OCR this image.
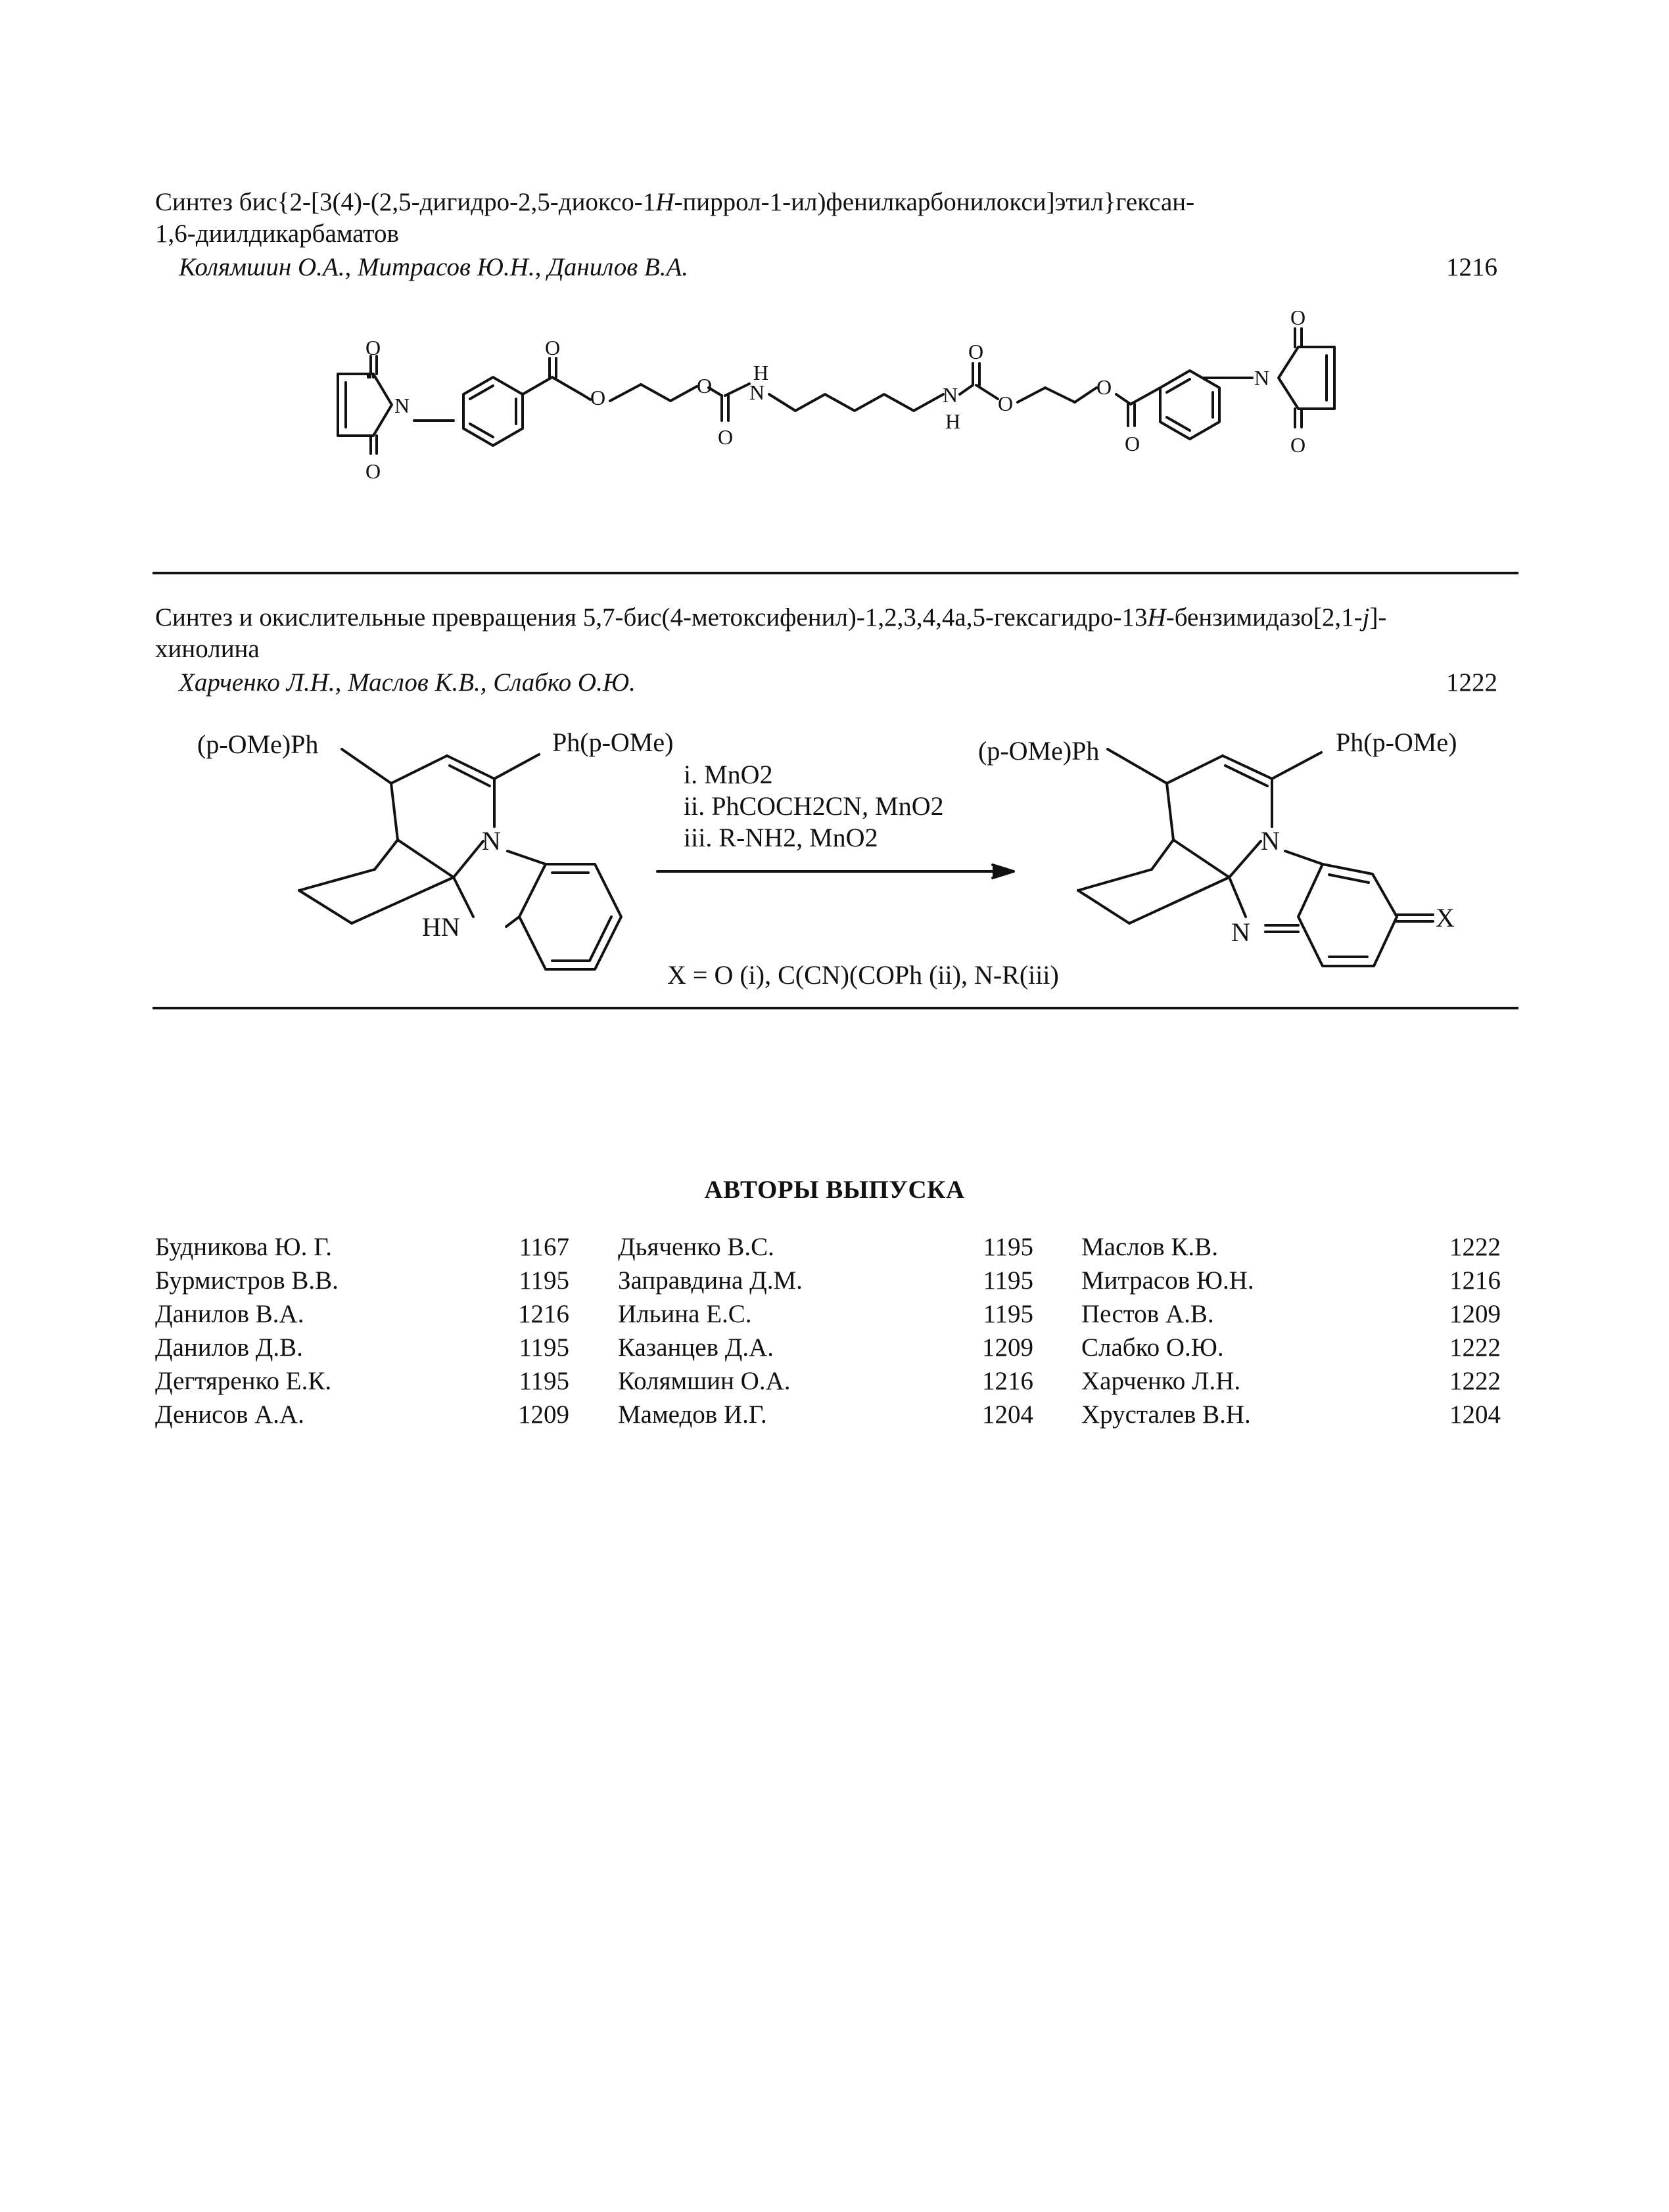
Синтез бис{2-[3(4)-(2,5-дигидро-2,5-диоксо-1H-пиррол-1-ил)фенилкарбонилокси]этил}гексан-
1,6-диилдикарбаматов
Колямшин О.А., Митрасов Ю.Н., Данилов В.А.	1216
O
O
N
O
O	O
O
N
H
N
H
O
O
O
O
N
O
O
Синтез и окислительные превращения 5,7-бис(4-метоксифенил)-1,2,3,4,4а,5-гексагидро-13H-бензимидазо[2,1-j]-
хинолина
Харченко Л.Н., Маслов К.В., Слабко О.Ю.	1222
(p-OMe)Ph	Ph(p-OMe)
N
HN
i. MnO2
ii. PhCOCH2CN, MnO2
iii. R-NH2, MnO2
X = O (i), C(CN)(COPh (ii), N-R(iii)
(p-OMe)Ph	Ph(p-OMe)
N
N	X
АВТОРЫ ВЫПУСКА
Будникова Ю. Г.	1167
Бурмистров В.В.	1195
Данилов В.А.	1216
Данилов Д.В.	1195
Дегтяренко Е.К.	1195
Денисов А.А.	1209
Дьяченко В.С.	1195
Заправдина Д.М.	1195
Ильина Е.С.	1195
Казанцев Д.А.	1209
Колямшин О.А.	1216
Мамедов И.Г.	1204
Маслов К.В.	1222
Митрасов Ю.Н.	1216
Пестов А.В.	1209
Слабко О.Ю.	1222
Харченко Л.Н.	1222
Хрусталев В.Н.	1204
